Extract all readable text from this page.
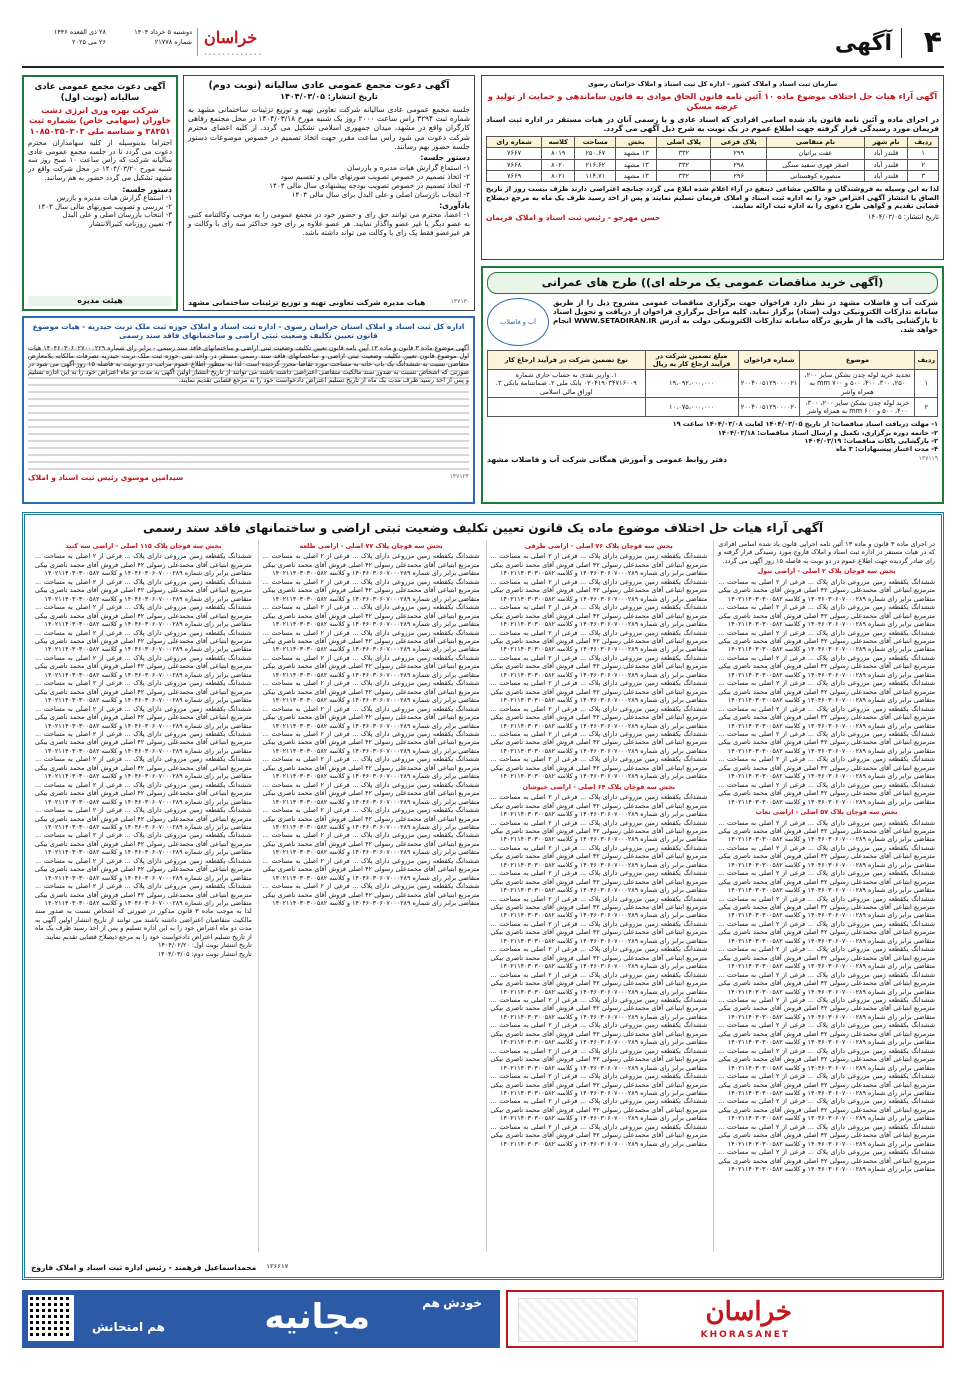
۴
آگهی
خراسان
• • • • • • • • • • • • •
دوشنبه ۵ خرداد ۱۴۰۴
شماره ۲۱۷۷۸
۲۸ ذی القعده ۱۴۴۶
۲۶ می ۲۰۲۵
سازمان ثبت اسناد و املاک کشور - اداره کل ثبت اسناد و املاک خراسان رضوی
آگهی آراء هیات حل اختلاف موضوع ماده ۱۰ آئین نامه قانون الحاق موادی به قانون ساماندهی و حمایت از تولید و عرضه مسکن
در اجرای ماده و آئین نامه قانون یاد شده اسامی افرادی که اسناد عادی و یا رسمی آنان در هیات مستقر در اداره ثبت اسناد فریمان مورد رسیدگی قرار گرفته جهت اطلاع عموم در یک نوبت به شرح ذیل آگهی می گردد.
ردیف	نام شهر	نام متقاضی	پلاک فرعی	پلاک اصلی	بخش	مساحت	کلاسه	شماره رای
۱	قلندر آباد	عفت براتیان	۲۹۹	۳۳۲	۱۳ مشهد	۲۵۰.۶۷	۸۰۱۹	۷۶۶۷
۲	قلندر آباد	اصغر فهری سفید سنگی	۲۹۸	۳۳۲	۱۳ مشهد	۲۱۶.۶۲	۸۰۲۰	۷۶۶۸
۳	قلندر آباد	منصوره کوهستانی	۲۹۶	۳۳۲	۱۳ مشهد	۱۱۴.۷۱	۸۰۲۱	۷۶۶۹
لذا به این وسیله به فروشندگان و مالکین مشاعی ذینفع در آراء اعلام شده ابلاغ می گردد چنانچه اعتراضی دارند ظرف بیست روز از تاریخ الصاق یا انتشار آگهی اعتراض خود را به اداره ثبت اسناد و املاک فریمان تسلیم نمایند و پس از اخذ رسید ظرف یک ماه به مرجع ذیصلاح قضایی تقدیم و گواهی طرح دعوی را به اداره ثبت ارائه نمایند.
تاریخ انتشار: ۱۴۰۴/۰۳/۰۵
حسن مهرجو - رئیس ثبت اسناد و املاک فریمان
(آگهی خرید مناقصات عمومی یک مرحله ای)) طرح های عمرانی
شرکت آب و فاضلاب مشهد در نظر دارد فراخوان جهت برگزاری مناقصات عمومی مشروح ذیل را از طریق سامانه تدارکات الکترونیکی دولت (ستاد) برگزار نماید. کلیه مراحل برگزاری فراخوان از دریافت و تحویل اسناد تا بازگشایی پاکت ها از طریق درگاه سامانه تدارکات الکترونیکی دولت به آدرس WWW.SETADIRAN.IR انجام خواهد شد.
آب و فاضلاب
ردیف	موضوع	شماره فراخوان	مبلغ تضمین شرکت در فرآیند ارجاع کار به ریال	نوع تضمین شرکت در فرآیند ارجاع کار
۱	تجدید خرید لوله چدن نشکن سایز ۲۰۰، ۲۵۰، ۳۰۰، ۴۰۰، ۵۰۰ و ۷۰۰ mm به همراه واشر	۲۰۰۴۰۰۵۱۲۹۰۰۰۰۲۱	۱۹،۰۹۲،۰۰۰،۰۰۰	۱. واریز نقدی به حساب جاری شماره ۰۲۰۴۱۹۰۳۴۷۱۶۰۰۹ بانک ملی ۲. ضمانتنامه بانکی ۳. اوراق مالی اسلامی
۲	خرید لوله چدن نشکن سایز ۲۰۰، ۳۰۰، ۴۰۰، ۵۰۰ و ۶۰۰ mm به همراه واشر	۲۰۰۴۰۰۵۱۲۹۰۰۰۰۲۰	۱۰،۰۷۵،۰۰۰،۰۰۰	
۱- مهلت دریافت اسناد مناقصات: از تاریخ ۱۴۰۴/۰۳/۰۵ لغایت ۱۴۰۴/۰۳/۰۸ ساعت ۱۹
۲- خاتمه دوره برگزاری، تکمیل و ارسال اسناد مناقصات: ۱۴۰۴/۰۳/۱۸
۳- بازگشایی پاکات مناقصات: ۱۴۰۴/۰۳/۱۹
۴- مدت اعتبار پیشنهادات: ۳ ماه
۱۳۷۱۱۹
دفتر روابط عمومی و آموزش همگانی شرکت آب و فاضلاب مشهد
آگهی دعوت مجمع عمومی عادی سالیانه (نوبت دوم)
تاریخ انتشار: ۱۴۰۴/۰۳/۰۵
جلسه مجمع عمومی عادی سالیانه شرکت تعاونی تهیه و توزیع تزئینات ساختمانی مشهد به شماره ثبت ۳۲۹۴ راس ساعت ۲۰۰۰ روز یک شنبه مورخ ۱۴۰۴/۰۳/۱۸ در محل مجتمع رفاهی کارگران واقع در مشهد، میدان جمهوری اسلامی تشکیل می گردد. از کلیه اعضای محترم شرکت دعوت می شود راس ساعت مقرر جهت اتخاذ تصمیم در خصوص موضوعات دستور جلسه حضور بهم رسانند.
دستور جلسه:
۱- استماع گزارش هیات مدیره و بازرسان
۲- اتخاذ تصمیم در خصوص تصویب صورتهای مالی و تقسیم سود
۳- اتخاذ تصمیم در خصوص تصویب بودجه پیشنهادی سال مالی ۱۴۰۴
۴- انتخاب بازرسان اصلی و علی البدل برای سال مالی ۱۴۰۴
یادآوری:
۱- اعضا، محترم می توانند حق رای و حضور خود در مجمع عمومی را به موجب وکالتنامه کتبی به عضو دیگر یا غیر عضو واگذار نمایند. هر عضو علاوه بر رای خود حداکثر سه رای با وکالت و هر غیرعضو فقط یک رای با وکالت می تواند داشته باشد.
۱۳۷۱۳۰
هیات مدیره شرکت تعاونی تهیه و توزیع تزئینات ساختمانی مشهد
آگهی دعوت مجمع عمومی عادی سالیانه (نوبت اول)
شرکت بهره وری انرژی دشت خاوران (سهامی خاص) بشماره ثبت ۳۸۳۵۱ و شناسه ملی ۱۰۸۵۰۳۵۰۳۰۳
احتراما بدینوسیله از کلیه سهامداران محترم دعوت می گردد تا در جلسه مجمع عمومی عادی سالیانه شرکت که راس ساعت ۱۰ صبح روز سه شنبه مورخ ۱۴۰۴/۰۳/۲۰ در محل شرکت واقع در مشهد تشکیل می گردد حضور به هم رسانند.
دستور جلسه:
۱- استماع گزارش هیات مدیره و بازرس
۲- بررسی و تصویب صورتهای مالی سال ۱۴۰۳
۳- انتخاب بازرسان اصلی و علی البدل
۴- تعیین روزنامه کثیرالانتشار
هیئت مدیره
اداره کل ثبت اسناد و املاک استان خراسان رضوی - اداره ثبت اسناد و املاک حوزه ثبت ملک تربت حیدریه - هیات موضوع قانون تعیین تکلیف وضعیت ثبتی اراضی و ساختمانهای فاقد سند رسمی
آگهی موضوع ماده ۳ قانون و ماده ۱۳ آیین نامه قانون تعیین تکلیف وضعیت ثبتی اراضی و ساختمانهای فاقد سند رسمی - برابر رای شماره ۱۴۰۴۶۰۳۰۶۰۲۷۰۰۰۲۲۹ هیات اول موضوع قانون تعیین تکلیف وضعیت ثبتی اراضی و ساختمانهای فاقد سند رسمی مستقر در واحد ثبتی حوزه ثبت ملک تربت حیدریه تصرفات مالکانه بلامعارض متقاضی نسبت به ششدانگ یک باب خانه به مساحت مورد تقاضا محرز گردیده است. لذا به منظور اطلاع عموم مراتب در دو نوبت به فاصله ۱۵ روز آگهی می شود در صورتی که اشخاص نسبت به صدور سند مالکیت متقاضی اعتراضی داشته باشند می توانند از تاریخ انتشار اولین آگهی به مدت دو ماه اعتراض خود را به این اداره تسلیم و پس از اخذ رسید ظرف مدت یک ماه از تاریخ تسلیم اعتراض دادخواست خود را به مرجع قضایی تقدیم نمایند.
۱۳۷۱۲۴
سیدامین موسوی رئیس ثبت اسناد و املاک
آگهی آراء هیات حل اختلاف موضوع ماده یک قانون تعیین تکلیف وضعیت ثبتی اراضی و ساختمانهای فاقد سند رسمی
در اجرای ماده ۳ قانون و ماده ۱۳ آئین نامه اجرایی قانون یاد شده اسامی افرادی که در هیات مستقر در اداره ثبت اسناد و املاک فاروج مورد رسیدگی قرار گرفته و رای صادر گردیده جهت اطلاع عموم در دو نوبت به فاصله ۱۵ روز آگهی می گردد.
بخش سه قوچان پلاک ۲ اصلی - اراضی تبول
ششدانگ یکقطعه زمین مزروعی دارای پلاک ... فرعی از ۲ اصلی به مساحت ... مترمربع ابتیاعی آقای محمدعلی رسولی ۴۲ اصلی فروش آقای محمد ناصری بیکی متقاضی برابر رای شماره ۱۴۰۴۶۰۳۰۶۰۷۰۰۰۲۸۹ و کلاسه ۱۴۰۲۱۱۴۰۳۰۳۰۰۵۸۲
ششدانگ یکقطعه زمین مزروعی دارای پلاک ... فرعی از ۲ اصلی به مساحت ... مترمربع ابتیاعی آقای محمدعلی رسولی ۴۲ اصلی فروش آقای محمد ناصری بیکی متقاضی برابر رای شماره ۱۴۰۴۶۰۳۰۶۰۷۰۰۰۲۸۹ و کلاسه ۱۴۰۲۱۱۴۰۳۰۳۰۰۵۸۲
ششدانگ یکقطعه زمین مزروعی دارای پلاک ... فرعی از ۲ اصلی به مساحت ... مترمربع ابتیاعی آقای محمدعلی رسولی ۴۲ اصلی فروش آقای محمد ناصری بیکی متقاضی برابر رای شماره ۱۴۰۴۶۰۳۰۶۰۷۰۰۰۲۸۹ و کلاسه ۱۴۰۲۱۱۴۰۳۰۳۰۰۵۸۲
ششدانگ یکقطعه زمین مزروعی دارای پلاک ... فرعی از ۲ اصلی به مساحت ... مترمربع ابتیاعی آقای محمدعلی رسولی ۴۲ اصلی فروش آقای محمد ناصری بیکی متقاضی برابر رای شماره ۱۴۰۴۶۰۳۰۶۰۷۰۰۰۲۸۹ و کلاسه ۱۴۰۲۱۱۴۰۳۰۳۰۰۵۸۲
ششدانگ یکقطعه زمین مزروعی دارای پلاک ... فرعی از ۲ اصلی به مساحت ... مترمربع ابتیاعی آقای محمدعلی رسولی ۴۲ اصلی فروش آقای محمد ناصری بیکی متقاضی برابر رای شماره ۱۴۰۴۶۰۳۰۶۰۷۰۰۰۲۸۹ و کلاسه ۱۴۰۲۱۱۴۰۳۰۳۰۰۵۸۲
ششدانگ یکقطعه زمین مزروعی دارای پلاک ... فرعی از ۲ اصلی به مساحت ... مترمربع ابتیاعی آقای محمدعلی رسولی ۴۲ اصلی فروش آقای محمد ناصری بیکی متقاضی برابر رای شماره ۱۴۰۴۶۰۳۰۶۰۷۰۰۰۲۸۹ و کلاسه ۱۴۰۲۱۱۴۰۳۰۳۰۰۵۸۲
ششدانگ یکقطعه زمین مزروعی دارای پلاک ... فرعی از ۲ اصلی به مساحت ... مترمربع ابتیاعی آقای محمدعلی رسولی ۴۲ اصلی فروش آقای محمد ناصری بیکی متقاضی برابر رای شماره ۱۴۰۴۶۰۳۰۶۰۷۰۰۰۲۸۹ و کلاسه ۱۴۰۲۱۱۴۰۳۰۳۰۰۵۸۲
ششدانگ یکقطعه زمین مزروعی دارای پلاک ... فرعی از ۲ اصلی به مساحت ... مترمربع ابتیاعی آقای محمدعلی رسولی ۴۲ اصلی فروش آقای محمد ناصری بیکی متقاضی برابر رای شماره ۱۴۰۴۶۰۳۰۶۰۷۰۰۰۲۸۹ و کلاسه ۱۴۰۲۱۱۴۰۳۰۳۰۰۵۸۲
ششدانگ یکقطعه زمین مزروعی دارای پلاک ... فرعی از ۲ اصلی به مساحت ... مترمربع ابتیاعی آقای محمدعلی رسولی ۴۲ اصلی فروش آقای محمد ناصری بیکی متقاضی برابر رای شماره ۱۴۰۴۶۰۳۰۶۰۷۰۰۰۲۸۹ و کلاسه ۱۴۰۲۱۱۴۰۳۰۳۰۰۵۸۲
بخش سه قوچان پلاک ۵۷ اصلی - اراضی نغاب
ششدانگ یکقطعه زمین مزروعی دارای پلاک ... فرعی از ۲ اصلی به مساحت ... مترمربع ابتیاعی آقای محمدعلی رسولی ۴۲ اصلی فروش آقای محمد ناصری بیکی متقاضی برابر رای شماره ۱۴۰۴۶۰۳۰۶۰۷۰۰۰۲۸۹ و کلاسه ۱۴۰۲۱۱۴۰۳۰۳۰۰۵۸۲
ششدانگ یکقطعه زمین مزروعی دارای پلاک ... فرعی از ۲ اصلی به مساحت ... مترمربع ابتیاعی آقای محمدعلی رسولی ۴۲ اصلی فروش آقای محمد ناصری بیکی متقاضی برابر رای شماره ۱۴۰۴۶۰۳۰۶۰۷۰۰۰۲۸۹ و کلاسه ۱۴۰۲۱۱۴۰۳۰۳۰۰۵۸۲
ششدانگ یکقطعه زمین مزروعی دارای پلاک ... فرعی از ۲ اصلی به مساحت ... مترمربع ابتیاعی آقای محمدعلی رسولی ۴۲ اصلی فروش آقای محمد ناصری بیکی متقاضی برابر رای شماره ۱۴۰۴۶۰۳۰۶۰۷۰۰۰۲۸۹ و کلاسه ۱۴۰۲۱۱۴۰۳۰۳۰۰۵۸۲
ششدانگ یکقطعه زمین مزروعی دارای پلاک ... فرعی از ۲ اصلی به مساحت ... مترمربع ابتیاعی آقای محمدعلی رسولی ۴۲ اصلی فروش آقای محمد ناصری بیکی متقاضی برابر رای شماره ۱۴۰۴۶۰۳۰۶۰۷۰۰۰۲۸۹ و کلاسه ۱۴۰۲۱۱۴۰۳۰۳۰۰۵۸۲
ششدانگ یکقطعه زمین مزروعی دارای پلاک ... فرعی از ۲ اصلی به مساحت ... مترمربع ابتیاعی آقای محمدعلی رسولی ۴۲ اصلی فروش آقای محمد ناصری بیکی متقاضی برابر رای شماره ۱۴۰۴۶۰۳۰۶۰۷۰۰۰۲۸۹ و کلاسه ۱۴۰۲۱۱۴۰۳۰۳۰۰۵۸۲
ششدانگ یکقطعه زمین مزروعی دارای پلاک ... فرعی از ۲ اصلی به مساحت ... مترمربع ابتیاعی آقای محمدعلی رسولی ۴۲ اصلی فروش آقای محمد ناصری بیکی متقاضی برابر رای شماره ۱۴۰۴۶۰۳۰۶۰۷۰۰۰۲۸۹ و کلاسه ۱۴۰۲۱۱۴۰۳۰۳۰۰۵۸۲
ششدانگ یکقطعه زمین مزروعی دارای پلاک ... فرعی از ۲ اصلی به مساحت ... مترمربع ابتیاعی آقای محمدعلی رسولی ۴۲ اصلی فروش آقای محمد ناصری بیکی متقاضی برابر رای شماره ۱۴۰۴۶۰۳۰۶۰۷۰۰۰۲۸۹ و کلاسه ۱۴۰۲۱۱۴۰۳۰۳۰۰۵۸۲
ششدانگ یکقطعه زمین مزروعی دارای پلاک ... فرعی از ۲ اصلی به مساحت ... مترمربع ابتیاعی آقای محمدعلی رسولی ۴۲ اصلی فروش آقای محمد ناصری بیکی متقاضی برابر رای شماره ۱۴۰۴۶۰۳۰۶۰۷۰۰۰۲۸۹ و کلاسه ۱۴۰۲۱۱۴۰۳۰۳۰۰۵۸۲
ششدانگ یکقطعه زمین مزروعی دارای پلاک ... فرعی از ۲ اصلی به مساحت ... مترمربع ابتیاعی آقای محمدعلی رسولی ۴۲ اصلی فروش آقای محمد ناصری بیکی متقاضی برابر رای شماره ۱۴۰۴۶۰۳۰۶۰۷۰۰۰۲۸۹ و کلاسه ۱۴۰۲۱۱۴۰۳۰۳۰۰۵۸۲
ششدانگ یکقطعه زمین مزروعی دارای پلاک ... فرعی از ۲ اصلی به مساحت ... مترمربع ابتیاعی آقای محمدعلی رسولی ۴۲ اصلی فروش آقای محمد ناصری بیکی متقاضی برابر رای شماره ۱۴۰۴۶۰۳۰۶۰۷۰۰۰۲۸۹ و کلاسه ۱۴۰۲۱۱۴۰۳۰۳۰۰۵۸۲
ششدانگ یکقطعه زمین مزروعی دارای پلاک ... فرعی از ۲ اصلی به مساحت ... مترمربع ابتیاعی آقای محمدعلی رسولی ۴۲ اصلی فروش آقای محمد ناصری بیکی متقاضی برابر رای شماره ۱۴۰۴۶۰۳۰۶۰۷۰۰۰۲۸۹ و کلاسه ۱۴۰۲۱۱۴۰۳۰۳۰۰۵۸۲
ششدانگ یکقطعه زمین مزروعی دارای پلاک ... فرعی از ۲ اصلی به مساحت ... مترمربع ابتیاعی آقای محمدعلی رسولی ۴۲ اصلی فروش آقای محمد ناصری بیکی متقاضی برابر رای شماره ۱۴۰۴۶۰۳۰۶۰۷۰۰۰۲۸۹ و کلاسه ۱۴۰۲۱۱۴۰۳۰۳۰۰۵۸۲
ششدانگ یکقطعه زمین مزروعی دارای پلاک ... فرعی از ۲ اصلی به مساحت ... مترمربع ابتیاعی آقای محمدعلی رسولی ۴۲ اصلی فروش آقای محمد ناصری بیکی متقاضی برابر رای شماره ۱۴۰۴۶۰۳۰۶۰۷۰۰۰۲۸۹ و کلاسه ۱۴۰۲۱۱۴۰۳۰۳۰۰۵۸۲
ششدانگ یکقطعه زمین مزروعی دارای پلاک ... فرعی از ۲ اصلی به مساحت ... مترمربع ابتیاعی آقای محمدعلی رسولی ۴۲ اصلی فروش آقای محمد ناصری بیکی متقاضی برابر رای شماره ۱۴۰۴۶۰۳۰۶۰۷۰۰۰۲۸۹ و کلاسه ۱۴۰۲۱۱۴۰۳۰۳۰۰۵۸۲
بخش سه قوچان پلاک ۷۶ اصلی - اراضی طرقی
ششدانگ یکقطعه زمین مزروعی دارای پلاک ... فرعی از ۲ اصلی به مساحت ... مترمربع ابتیاعی آقای محمدعلی رسولی ۴۲ اصلی فروش آقای محمد ناصری بیکی متقاضی برابر رای شماره ۱۴۰۴۶۰۳۰۶۰۷۰۰۰۲۸۹ و کلاسه ۱۴۰۲۱۱۴۰۳۰۳۰۰۵۸۲
ششدانگ یکقطعه زمین مزروعی دارای پلاک ... فرعی از ۲ اصلی به مساحت ... مترمربع ابتیاعی آقای محمدعلی رسولی ۴۲ اصلی فروش آقای محمد ناصری بیکی متقاضی برابر رای شماره ۱۴۰۴۶۰۳۰۶۰۷۰۰۰۲۸۹ و کلاسه ۱۴۰۲۱۱۴۰۳۰۳۰۰۵۸۲
ششدانگ یکقطعه زمین مزروعی دارای پلاک ... فرعی از ۲ اصلی به مساحت ... مترمربع ابتیاعی آقای محمدعلی رسولی ۴۲ اصلی فروش آقای محمد ناصری بیکی متقاضی برابر رای شماره ۱۴۰۴۶۰۳۰۶۰۷۰۰۰۲۸۹ و کلاسه ۱۴۰۲۱۱۴۰۳۰۳۰۰۵۸۲
ششدانگ یکقطعه زمین مزروعی دارای پلاک ... فرعی از ۲ اصلی به مساحت ... مترمربع ابتیاعی آقای محمدعلی رسولی ۴۲ اصلی فروش آقای محمد ناصری بیکی متقاضی برابر رای شماره ۱۴۰۴۶۰۳۰۶۰۷۰۰۰۲۸۹ و کلاسه ۱۴۰۲۱۱۴۰۳۰۳۰۰۵۸۲
ششدانگ یکقطعه زمین مزروعی دارای پلاک ... فرعی از ۲ اصلی به مساحت ... مترمربع ابتیاعی آقای محمدعلی رسولی ۴۲ اصلی فروش آقای محمد ناصری بیکی متقاضی برابر رای شماره ۱۴۰۴۶۰۳۰۶۰۷۰۰۰۲۸۹ و کلاسه ۱۴۰۲۱۱۴۰۳۰۳۰۰۵۸۲
ششدانگ یکقطعه زمین مزروعی دارای پلاک ... فرعی از ۲ اصلی به مساحت ... مترمربع ابتیاعی آقای محمدعلی رسولی ۴۲ اصلی فروش آقای محمد ناصری بیکی متقاضی برابر رای شماره ۱۴۰۴۶۰۳۰۶۰۷۰۰۰۲۸۹ و کلاسه ۱۴۰۲۱۱۴۰۳۰۳۰۰۵۸۲
ششدانگ یکقطعه زمین مزروعی دارای پلاک ... فرعی از ۲ اصلی به مساحت ... مترمربع ابتیاعی آقای محمدعلی رسولی ۴۲ اصلی فروش آقای محمد ناصری بیکی متقاضی برابر رای شماره ۱۴۰۴۶۰۳۰۶۰۷۰۰۰۲۸۹ و کلاسه ۱۴۰۲۱۱۴۰۳۰۳۰۰۵۸۲
ششدانگ یکقطعه زمین مزروعی دارای پلاک ... فرعی از ۲ اصلی به مساحت ... مترمربع ابتیاعی آقای محمدعلی رسولی ۴۲ اصلی فروش آقای محمد ناصری بیکی متقاضی برابر رای شماره ۱۴۰۴۶۰۳۰۶۰۷۰۰۰۲۸۹ و کلاسه ۱۴۰۲۱۱۴۰۳۰۳۰۰۵۸۲
ششدانگ یکقطعه زمین مزروعی دارای پلاک ... فرعی از ۲ اصلی به مساحت ... مترمربع ابتیاعی آقای محمدعلی رسولی ۴۲ اصلی فروش آقای محمد ناصری بیکی متقاضی برابر رای شماره ۱۴۰۴۶۰۳۰۶۰۷۰۰۰۲۸۹ و کلاسه ۱۴۰۲۱۱۴۰۳۰۳۰۰۵۸۲
بخش سه قوچان پلاک ۶۴ اصلی - اراضی خیوشان
ششدانگ یکقطعه زمین مزروعی دارای پلاک ... فرعی از ۲ اصلی به مساحت ... مترمربع ابتیاعی آقای محمدعلی رسولی ۴۲ اصلی فروش آقای محمد ناصری بیکی متقاضی برابر رای شماره ۱۴۰۴۶۰۳۰۶۰۷۰۰۰۲۸۹ و کلاسه ۱۴۰۲۱۱۴۰۳۰۳۰۰۵۸۲
ششدانگ یکقطعه زمین مزروعی دارای پلاک ... فرعی از ۲ اصلی به مساحت ... مترمربع ابتیاعی آقای محمدعلی رسولی ۴۲ اصلی فروش آقای محمد ناصری بیکی متقاضی برابر رای شماره ۱۴۰۴۶۰۳۰۶۰۷۰۰۰۲۸۹ و کلاسه ۱۴۰۲۱۱۴۰۳۰۳۰۰۵۸۲
ششدانگ یکقطعه زمین مزروعی دارای پلاک ... فرعی از ۲ اصلی به مساحت ... مترمربع ابتیاعی آقای محمدعلی رسولی ۴۲ اصلی فروش آقای محمد ناصری بیکی متقاضی برابر رای شماره ۱۴۰۴۶۰۳۰۶۰۷۰۰۰۲۸۹ و کلاسه ۱۴۰۲۱۱۴۰۳۰۳۰۰۵۸۲
ششدانگ یکقطعه زمین مزروعی دارای پلاک ... فرعی از ۲ اصلی به مساحت ... مترمربع ابتیاعی آقای محمدعلی رسولی ۴۲ اصلی فروش آقای محمد ناصری بیکی متقاضی برابر رای شماره ۱۴۰۴۶۰۳۰۶۰۷۰۰۰۲۸۹ و کلاسه ۱۴۰۲۱۱۴۰۳۰۳۰۰۵۸۲
ششدانگ یکقطعه زمین مزروعی دارای پلاک ... فرعی از ۲ اصلی به مساحت ... مترمربع ابتیاعی آقای محمدعلی رسولی ۴۲ اصلی فروش آقای محمد ناصری بیکی متقاضی برابر رای شماره ۱۴۰۴۶۰۳۰۶۰۷۰۰۰۲۸۹ و کلاسه ۱۴۰۲۱۱۴۰۳۰۳۰۰۵۸۲
ششدانگ یکقطعه زمین مزروعی دارای پلاک ... فرعی از ۲ اصلی به مساحت ... مترمربع ابتیاعی آقای محمدعلی رسولی ۴۲ اصلی فروش آقای محمد ناصری بیکی متقاضی برابر رای شماره ۱۴۰۴۶۰۳۰۶۰۷۰۰۰۲۸۹ و کلاسه ۱۴۰۲۱۱۴۰۳۰۳۰۰۵۸۲
ششدانگ یکقطعه زمین مزروعی دارای پلاک ... فرعی از ۲ اصلی به مساحت ... مترمربع ابتیاعی آقای محمدعلی رسولی ۴۲ اصلی فروش آقای محمد ناصری بیکی متقاضی برابر رای شماره ۱۴۰۴۶۰۳۰۶۰۷۰۰۰۲۸۹ و کلاسه ۱۴۰۲۱۱۴۰۳۰۳۰۰۵۸۲
ششدانگ یکقطعه زمین مزروعی دارای پلاک ... فرعی از ۲ اصلی به مساحت ... مترمربع ابتیاعی آقای محمدعلی رسولی ۴۲ اصلی فروش آقای محمد ناصری بیکی متقاضی برابر رای شماره ۱۴۰۴۶۰۳۰۶۰۷۰۰۰۲۸۹ و کلاسه ۱۴۰۲۱۱۴۰۳۰۳۰۰۵۸۲
ششدانگ یکقطعه زمین مزروعی دارای پلاک ... فرعی از ۲ اصلی به مساحت ... مترمربع ابتیاعی آقای محمدعلی رسولی ۴۲ اصلی فروش آقای محمد ناصری بیکی متقاضی برابر رای شماره ۱۴۰۴۶۰۳۰۶۰۷۰۰۰۲۸۹ و کلاسه ۱۴۰۲۱۱۴۰۳۰۳۰۰۵۸۲
ششدانگ یکقطعه زمین مزروعی دارای پلاک ... فرعی از ۲ اصلی به مساحت ... مترمربع ابتیاعی آقای محمدعلی رسولی ۴۲ اصلی فروش آقای محمد ناصری بیکی متقاضی برابر رای شماره ۱۴۰۴۶۰۳۰۶۰۷۰۰۰۲۸۹ و کلاسه ۱۴۰۲۱۱۴۰۳۰۳۰۰۵۸۲
ششدانگ یکقطعه زمین مزروعی دارای پلاک ... فرعی از ۲ اصلی به مساحت ... مترمربع ابتیاعی آقای محمدعلی رسولی ۴۲ اصلی فروش آقای محمد ناصری بیکی متقاضی برابر رای شماره ۱۴۰۴۶۰۳۰۶۰۷۰۰۰۲۸۹ و کلاسه ۱۴۰۲۱۱۴۰۳۰۳۰۰۵۸۲
ششدانگ یکقطعه زمین مزروعی دارای پلاک ... فرعی از ۲ اصلی به مساحت ... مترمربع ابتیاعی آقای محمدعلی رسولی ۴۲ اصلی فروش آقای محمد ناصری بیکی متقاضی برابر رای شماره ۱۴۰۴۶۰۳۰۶۰۷۰۰۰۲۸۹ و کلاسه ۱۴۰۲۱۱۴۰۳۰۳۰۰۵۸۲
ششدانگ یکقطعه زمین مزروعی دارای پلاک ... فرعی از ۲ اصلی به مساحت ... مترمربع ابتیاعی آقای محمدعلی رسولی ۴۲ اصلی فروش آقای محمد ناصری بیکی متقاضی برابر رای شماره ۱۴۰۴۶۰۳۰۶۰۷۰۰۰۲۸۹ و کلاسه ۱۴۰۲۱۱۴۰۳۰۳۰۰۵۸۲
ششدانگ یکقطعه زمین مزروعی دارای پلاک ... فرعی از ۲ اصلی به مساحت ... مترمربع ابتیاعی آقای محمدعلی رسولی ۴۲ اصلی فروش آقای محمد ناصری بیکی متقاضی برابر رای شماره ۱۴۰۴۶۰۳۰۶۰۷۰۰۰۲۸۹ و کلاسه ۱۴۰۲۱۱۴۰۳۰۳۰۰۵۸۲
بخش سه قوچان پلاک ۷۷ اصلی - اراضی طلعه
ششدانگ یکقطعه زمین مزروعی دارای پلاک ... فرعی از ۲ اصلی به مساحت ... مترمربع ابتیاعی آقای محمدعلی رسولی ۴۲ اصلی فروش آقای محمد ناصری بیکی متقاضی برابر رای شماره ۱۴۰۴۶۰۳۰۶۰۷۰۰۰۲۸۹ و کلاسه ۱۴۰۲۱۱۴۰۳۰۳۰۰۵۸۲
ششدانگ یکقطعه زمین مزروعی دارای پلاک ... فرعی از ۲ اصلی به مساحت ... مترمربع ابتیاعی آقای محمدعلی رسولی ۴۲ اصلی فروش آقای محمد ناصری بیکی متقاضی برابر رای شماره ۱۴۰۴۶۰۳۰۶۰۷۰۰۰۲۸۹ و کلاسه ۱۴۰۲۱۱۴۰۳۰۳۰۰۵۸۲
ششدانگ یکقطعه زمین مزروعی دارای پلاک ... فرعی از ۲ اصلی به مساحت ... مترمربع ابتیاعی آقای محمدعلی رسولی ۴۲ اصلی فروش آقای محمد ناصری بیکی متقاضی برابر رای شماره ۱۴۰۴۶۰۳۰۶۰۷۰۰۰۲۸۹ و کلاسه ۱۴۰۲۱۱۴۰۳۰۳۰۰۵۸۲
ششدانگ یکقطعه زمین مزروعی دارای پلاک ... فرعی از ۲ اصلی به مساحت ... مترمربع ابتیاعی آقای محمدعلی رسولی ۴۲ اصلی فروش آقای محمد ناصری بیکی متقاضی برابر رای شماره ۱۴۰۴۶۰۳۰۶۰۷۰۰۰۲۸۹ و کلاسه ۱۴۰۲۱۱۴۰۳۰۳۰۰۵۸۲
ششدانگ یکقطعه زمین مزروعی دارای پلاک ... فرعی از ۲ اصلی به مساحت ... مترمربع ابتیاعی آقای محمدعلی رسولی ۴۲ اصلی فروش آقای محمد ناصری بیکی متقاضی برابر رای شماره ۱۴۰۴۶۰۳۰۶۰۷۰۰۰۲۸۹ و کلاسه ۱۴۰۲۱۱۴۰۳۰۳۰۰۵۸۲
ششدانگ یکقطعه زمین مزروعی دارای پلاک ... فرعی از ۲ اصلی به مساحت ... مترمربع ابتیاعی آقای محمدعلی رسولی ۴۲ اصلی فروش آقای محمد ناصری بیکی متقاضی برابر رای شماره ۱۴۰۴۶۰۳۰۶۰۷۰۰۰۲۸۹ و کلاسه ۱۴۰۲۱۱۴۰۳۰۳۰۰۵۸۲
ششدانگ یکقطعه زمین مزروعی دارای پلاک ... فرعی از ۲ اصلی به مساحت ... مترمربع ابتیاعی آقای محمدعلی رسولی ۴۲ اصلی فروش آقای محمد ناصری بیکی متقاضی برابر رای شماره ۱۴۰۴۶۰۳۰۶۰۷۰۰۰۲۸۹ و کلاسه ۱۴۰۲۱۱۴۰۳۰۳۰۰۵۸۲
ششدانگ یکقطعه زمین مزروعی دارای پلاک ... فرعی از ۲ اصلی به مساحت ... مترمربع ابتیاعی آقای محمدعلی رسولی ۴۲ اصلی فروش آقای محمد ناصری بیکی متقاضی برابر رای شماره ۱۴۰۴۶۰۳۰۶۰۷۰۰۰۲۸۹ و کلاسه ۱۴۰۲۱۱۴۰۳۰۳۰۰۵۸۲
ششدانگ یکقطعه زمین مزروعی دارای پلاک ... فرعی از ۲ اصلی به مساحت ... مترمربع ابتیاعی آقای محمدعلی رسولی ۴۲ اصلی فروش آقای محمد ناصری بیکی متقاضی برابر رای شماره ۱۴۰۴۶۰۳۰۶۰۷۰۰۰۲۸۹ و کلاسه ۱۴۰۲۱۱۴۰۳۰۳۰۰۵۸۲
ششدانگ یکقطعه زمین مزروعی دارای پلاک ... فرعی از ۲ اصلی به مساحت ... مترمربع ابتیاعی آقای محمدعلی رسولی ۴۲ اصلی فروش آقای محمد ناصری بیکی متقاضی برابر رای شماره ۱۴۰۴۶۰۳۰۶۰۷۰۰۰۲۸۹ و کلاسه ۱۴۰۲۱۱۴۰۳۰۳۰۰۵۸۲
ششدانگ یکقطعه زمین مزروعی دارای پلاک ... فرعی از ۲ اصلی به مساحت ... مترمربع ابتیاعی آقای محمدعلی رسولی ۴۲ اصلی فروش آقای محمد ناصری بیکی متقاضی برابر رای شماره ۱۴۰۴۶۰۳۰۶۰۷۰۰۰۲۸۹ و کلاسه ۱۴۰۲۱۱۴۰۳۰۳۰۰۵۸۲
ششدانگ یکقطعه زمین مزروعی دارای پلاک ... فرعی از ۲ اصلی به مساحت ... مترمربع ابتیاعی آقای محمدعلی رسولی ۴۲ اصلی فروش آقای محمد ناصری بیکی متقاضی برابر رای شماره ۱۴۰۴۶۰۳۰۶۰۷۰۰۰۲۸۹ و کلاسه ۱۴۰۲۱۱۴۰۳۰۳۰۰۵۸۲
ششدانگ یکقطعه زمین مزروعی دارای پلاک ... فرعی از ۲ اصلی به مساحت ... مترمربع ابتیاعی آقای محمدعلی رسولی ۴۲ اصلی فروش آقای محمد ناصری بیکی متقاضی برابر رای شماره ۱۴۰۴۶۰۳۰۶۰۷۰۰۰۲۸۹ و کلاسه ۱۴۰۲۱۱۴۰۳۰۳۰۰۵۸۲
ششدانگ یکقطعه زمین مزروعی دارای پلاک ... فرعی از ۲ اصلی به مساحت ... مترمربع ابتیاعی آقای محمدعلی رسولی ۴۲ اصلی فروش آقای محمد ناصری بیکی متقاضی برابر رای شماره ۱۴۰۴۶۰۳۰۶۰۷۰۰۰۲۸۹ و کلاسه ۱۴۰۲۱۱۴۰۳۰۳۰۰۵۸۲
بخش سه قوچان پلاک ۱۱۵ اصلی - اراضی سه کنید
ششدانگ یکقطعه زمین مزروعی دارای پلاک ... فرعی از ۲ اصلی به مساحت ... مترمربع ابتیاعی آقای محمدعلی رسولی ۴۲ اصلی فروش آقای محمد ناصری بیکی متقاضی برابر رای شماره ۱۴۰۴۶۰۳۰۶۰۷۰۰۰۲۸۹ و کلاسه ۱۴۰۲۱۱۴۰۳۰۳۰۰۵۸۲
ششدانگ یکقطعه زمین مزروعی دارای پلاک ... فرعی از ۲ اصلی به مساحت ... مترمربع ابتیاعی آقای محمدعلی رسولی ۴۲ اصلی فروش آقای محمد ناصری بیکی متقاضی برابر رای شماره ۱۴۰۴۶۰۳۰۶۰۷۰۰۰۲۸۹ و کلاسه ۱۴۰۲۱۱۴۰۳۰۳۰۰۵۸۲
ششدانگ یکقطعه زمین مزروعی دارای پلاک ... فرعی از ۲ اصلی به مساحت ... مترمربع ابتیاعی آقای محمدعلی رسولی ۴۲ اصلی فروش آقای محمد ناصری بیکی متقاضی برابر رای شماره ۱۴۰۴۶۰۳۰۶۰۷۰۰۰۲۸۹ و کلاسه ۱۴۰۲۱۱۴۰۳۰۳۰۰۵۸۲
ششدانگ یکقطعه زمین مزروعی دارای پلاک ... فرعی از ۲ اصلی به مساحت ... مترمربع ابتیاعی آقای محمدعلی رسولی ۴۲ اصلی فروش آقای محمد ناصری بیکی متقاضی برابر رای شماره ۱۴۰۴۶۰۳۰۶۰۷۰۰۰۲۸۹ و کلاسه ۱۴۰۲۱۱۴۰۳۰۳۰۰۵۸۲
ششدانگ یکقطعه زمین مزروعی دارای پلاک ... فرعی از ۲ اصلی به مساحت ... مترمربع ابتیاعی آقای محمدعلی رسولی ۴۲ اصلی فروش آقای محمد ناصری بیکی متقاضی برابر رای شماره ۱۴۰۴۶۰۳۰۶۰۷۰۰۰۲۸۹ و کلاسه ۱۴۰۲۱۱۴۰۳۰۳۰۰۵۸۲
ششدانگ یکقطعه زمین مزروعی دارای پلاک ... فرعی از ۲ اصلی به مساحت ... مترمربع ابتیاعی آقای محمدعلی رسولی ۴۲ اصلی فروش آقای محمد ناصری بیکی متقاضی برابر رای شماره ۱۴۰۴۶۰۳۰۶۰۷۰۰۰۲۸۹ و کلاسه ۱۴۰۲۱۱۴۰۳۰۳۰۰۵۸۲
ششدانگ یکقطعه زمین مزروعی دارای پلاک ... فرعی از ۲ اصلی به مساحت ... مترمربع ابتیاعی آقای محمدعلی رسولی ۴۲ اصلی فروش آقای محمد ناصری بیکی متقاضی برابر رای شماره ۱۴۰۴۶۰۳۰۶۰۷۰۰۰۲۸۹ و کلاسه ۱۴۰۲۱۱۴۰۳۰۳۰۰۵۸۲
ششدانگ یکقطعه زمین مزروعی دارای پلاک ... فرعی از ۲ اصلی به مساحت ... مترمربع ابتیاعی آقای محمدعلی رسولی ۴۲ اصلی فروش آقای محمد ناصری بیکی متقاضی برابر رای شماره ۱۴۰۴۶۰۳۰۶۰۷۰۰۰۲۸۹ و کلاسه ۱۴۰۲۱۱۴۰۳۰۳۰۰۵۸۲
ششدانگ یکقطعه زمین مزروعی دارای پلاک ... فرعی از ۲ اصلی به مساحت ... مترمربع ابتیاعی آقای محمدعلی رسولی ۴۲ اصلی فروش آقای محمد ناصری بیکی متقاضی برابر رای شماره ۱۴۰۴۶۰۳۰۶۰۷۰۰۰۲۸۹ و کلاسه ۱۴۰۲۱۱۴۰۳۰۳۰۰۵۸۲
ششدانگ یکقطعه زمین مزروعی دارای پلاک ... فرعی از ۲ اصلی به مساحت ... مترمربع ابتیاعی آقای محمدعلی رسولی ۴۲ اصلی فروش آقای محمد ناصری بیکی متقاضی برابر رای شماره ۱۴۰۴۶۰۳۰۶۰۷۰۰۰۲۸۹ و کلاسه ۱۴۰۲۱۱۴۰۳۰۳۰۰۵۸۲
ششدانگ یکقطعه زمین مزروعی دارای پلاک ... فرعی از ۲ اصلی به مساحت ... مترمربع ابتیاعی آقای محمدعلی رسولی ۴۲ اصلی فروش آقای محمد ناصری بیکی متقاضی برابر رای شماره ۱۴۰۴۶۰۳۰۶۰۷۰۰۰۲۸۹ و کلاسه ۱۴۰۲۱۱۴۰۳۰۳۰۰۵۸۲
ششدانگ یکقطعه زمین مزروعی دارای پلاک ... فرعی از ۲ اصلی به مساحت ... مترمربع ابتیاعی آقای محمدعلی رسولی ۴۲ اصلی فروش آقای محمد ناصری بیکی متقاضی برابر رای شماره ۱۴۰۴۶۰۳۰۶۰۷۰۰۰۲۸۹ و کلاسه ۱۴۰۲۱۱۴۰۳۰۳۰۰۵۸۲
ششدانگ یکقطعه زمین مزروعی دارای پلاک ... فرعی از ۲ اصلی به مساحت ... مترمربع ابتیاعی آقای محمدعلی رسولی ۴۲ اصلی فروش آقای محمد ناصری بیکی متقاضی برابر رای شماره ۱۴۰۴۶۰۳۰۶۰۷۰۰۰۲۸۹ و کلاسه ۱۴۰۲۱۱۴۰۳۰۳۰۰۵۸۲
ششدانگ یکقطعه زمین مزروعی دارای پلاک ... فرعی از ۲ اصلی به مساحت ... مترمربع ابتیاعی آقای محمدعلی رسولی ۴۲ اصلی فروش آقای محمد ناصری بیکی متقاضی برابر رای شماره ۱۴۰۴۶۰۳۰۶۰۷۰۰۰۲۸۹ و کلاسه ۱۴۰۲۱۱۴۰۳۰۳۰۰۵۸۲
لذا به موجب ماده ۳ قانون مذکور در صورتی که اشخاص نسبت به صدور سند مالکیت متقاضیان اعتراضی داشته باشند می توانند از تاریخ انتشار اولین آگهی به مدت دو ماه اعتراض خود را به این اداره تسلیم و پس از اخذ رسید ظرف یک ماه از تاریخ تسلیم اعتراض دادخواست خود را به مرجع ذیصلاح قضایی تقدیم نمایند.
تاریخ انتشار نوبت اول: ۱۴۰۴/۰۲/۲۰
تاریخ انتشار نوبت دوم: ۱۴۰۴/۰۳/۰۵
۱۳۶۶۱۷
محمداسماعیل فرهمند - رئیس اداره ثبت اسناد و املاک فاروج
خراسان
KHORASANET
مجانیه	خودش
هم
هم امتحانش
